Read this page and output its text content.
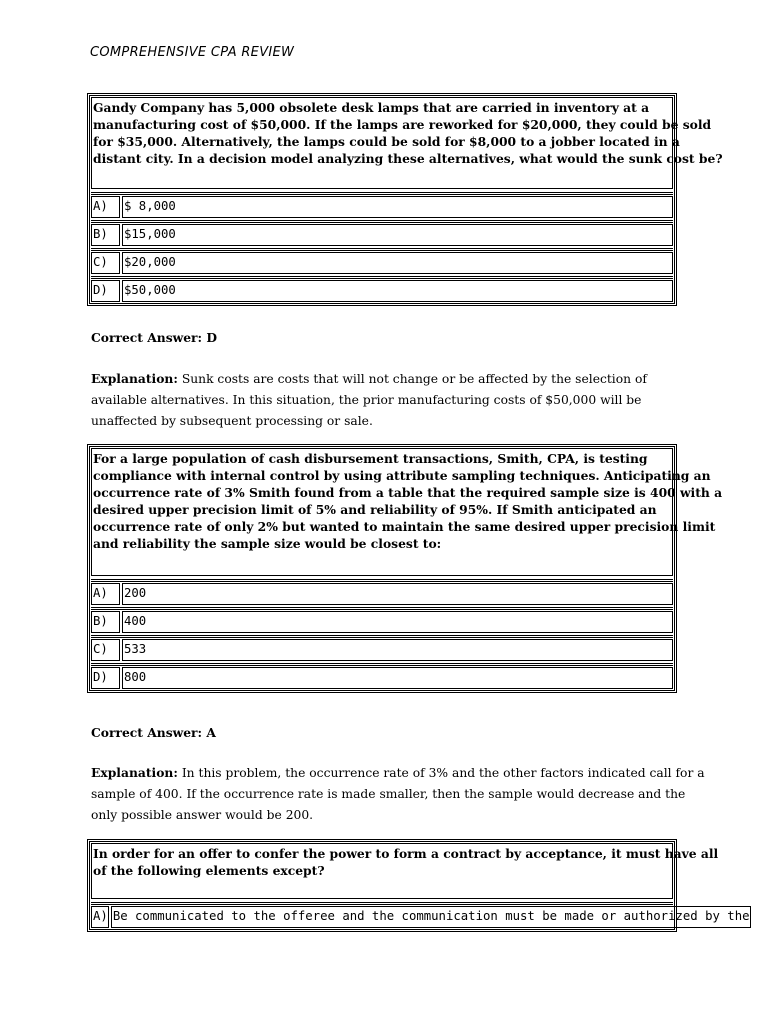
COMPREHENSIVE CPA REVIEW
Gandy Company has 5,000 obsolete desk lamps that are carried in inventory at a
manufacturing cost of $50,000. If the lamps are reworked for $20,000, they could be sold
for $35,000. Alternatively, the lamps could be sold for $8,000 to a jobber located in a
distant city. In a decision model analyzing these alternatives, what would the sunk cost be?
A)	$ 8,000
B)	$15,000
C)	$20,000
D)	$50,000

Correct Answer: D

Explanation: Sunk costs are costs that will not change or be affected by the selection of
available alternatives. In this situation, the prior manufacturing costs of $50,000 will be
unaffected by subsequent processing or sale.

For a large population of cash disbursement transactions, Smith, CPA, is testing
compliance with internal control by using attribute sampling techniques. Anticipating an
occurrence rate of 3% Smith found from a table that the required sample size is 400 with a
desired upper precision limit of 5% and reliability of 95%. If Smith anticipated an
occurrence rate of only 2% but wanted to maintain the same desired upper precision limit
and reliability the sample size would be closest to:
A)	200
B)	400
C)	533
D)	800

Correct Answer: A

Explanation: In this problem, the occurrence rate of 3% and the other factors indicated call for a
sample of 400. If the occurrence rate is made smaller, then the sample would decrease and the
only possible answer would be 200.

In order for an offer to confer the power to form a contract by acceptance, it must have all
of the following elements except?
A) Be communicated to the offeree and the communication must be made or authorized by the
